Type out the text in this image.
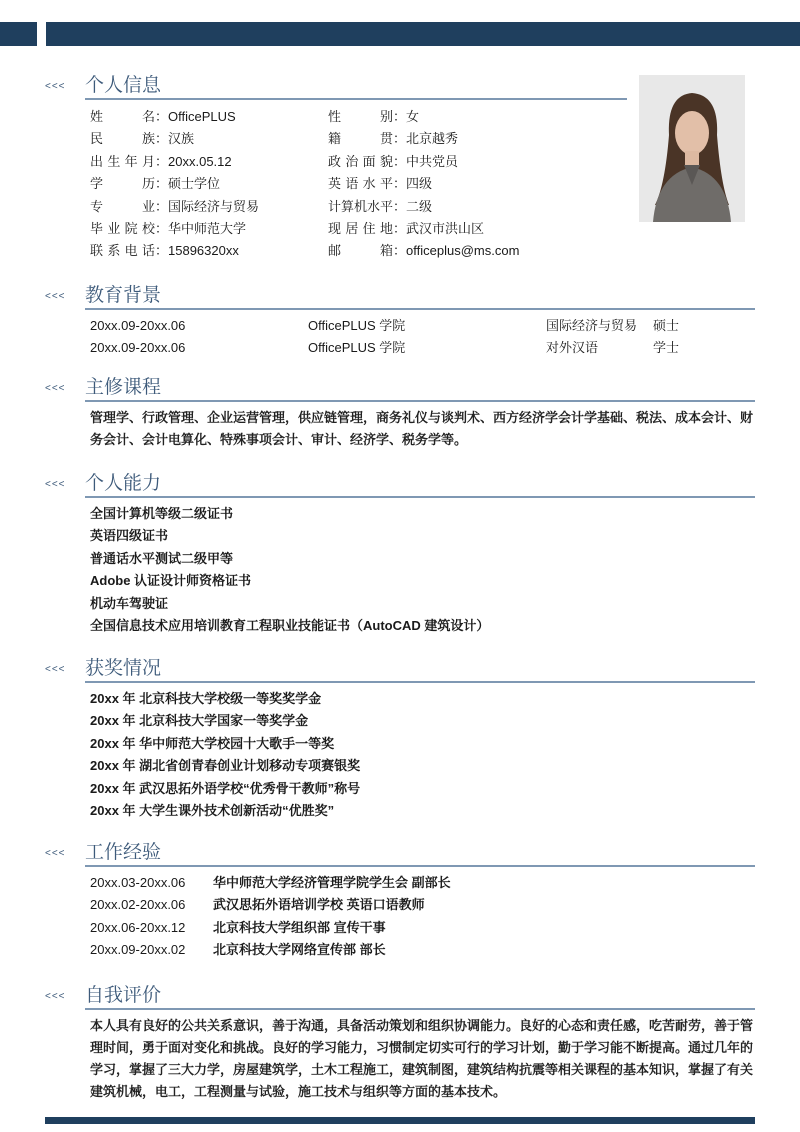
<<< 个人信息
姓名：OfficePLUS	性别：女
民族：汉族	籍贯：北京越秀
出生年月：20xx.05.12	政治面貌：中共党员
学历：硕士学位	英语水平：四级
专业：国际经济与贸易	计算机水平：二级
毕业院校：华中师范大学	现居住地：武汉市洪山区
联系电话：15896320xx	邮箱：officeplus@ms.com
<<< 教育背景
20xx.09-20xx.06	OfficePLUS 学院	国际经济与贸易 硕士
20xx.09-20xx.06	OfficePLUS 学院	对外汉语	学士
<<< 主修课程
管理学、行政管理、企业运营管理，供应链管理，商务礼仪与谈判术、西方经济学会计学基础、税法、成本会计、财务会计、会计电算化、特殊事项会计、审计、经济学、税务学等。
<<< 个人能力
全国计算机等级二级证书
英语四级证书
普通话水平测试二级甲等
Adobe 认证设计师资格证书
机动车驾驶证
全国信息技术应用培训教育工程职业技能证书（AutoCAD 建筑设计）
<<< 获奖情况
20xx 年 北京科技大学校级一等奖奖学金
20xx 年 北京科技大学国家一等奖学金
20xx 年 华中师范大学校园十大歌手一等奖
20xx 年 湖北省创青春创业计划移动专项赛银奖
20xx 年 武汉思拓外语学校“优秀骨干教师”称号
20xx 年 大学生课外技术创新活动“优胜奖”
<<< 工作经验
20xx.03-20xx.06 华中师范大学经济管理学院学生会 副部长
20xx.02-20xx.06 武汉思拓外语培训学校 英语口语教师
20xx.06-20xx.12 北京科技大学组织部 宣传干事
20xx.09-20xx.02 北京科技大学网络宣传部 部长
<<< 自我评价
本人具有良好的公共关系意识，善于沟通，具备活动策划和组织协调能力。良好的心态和责任感，吃苦耐劳，善于管理时间，勇于面对变化和挑战。良好的学习能力，习惯制定切实可行的学习计划，勤于学习能不断提高。通过几年的学习，掌握了三大力学，房屋建筑学，土木工程施工，建筑制图，建筑结构抗震等相关课程的基本知识，掌握了有关建筑机械，电工，工程测量与试验，施工技术与组织等方面的基本技术。
